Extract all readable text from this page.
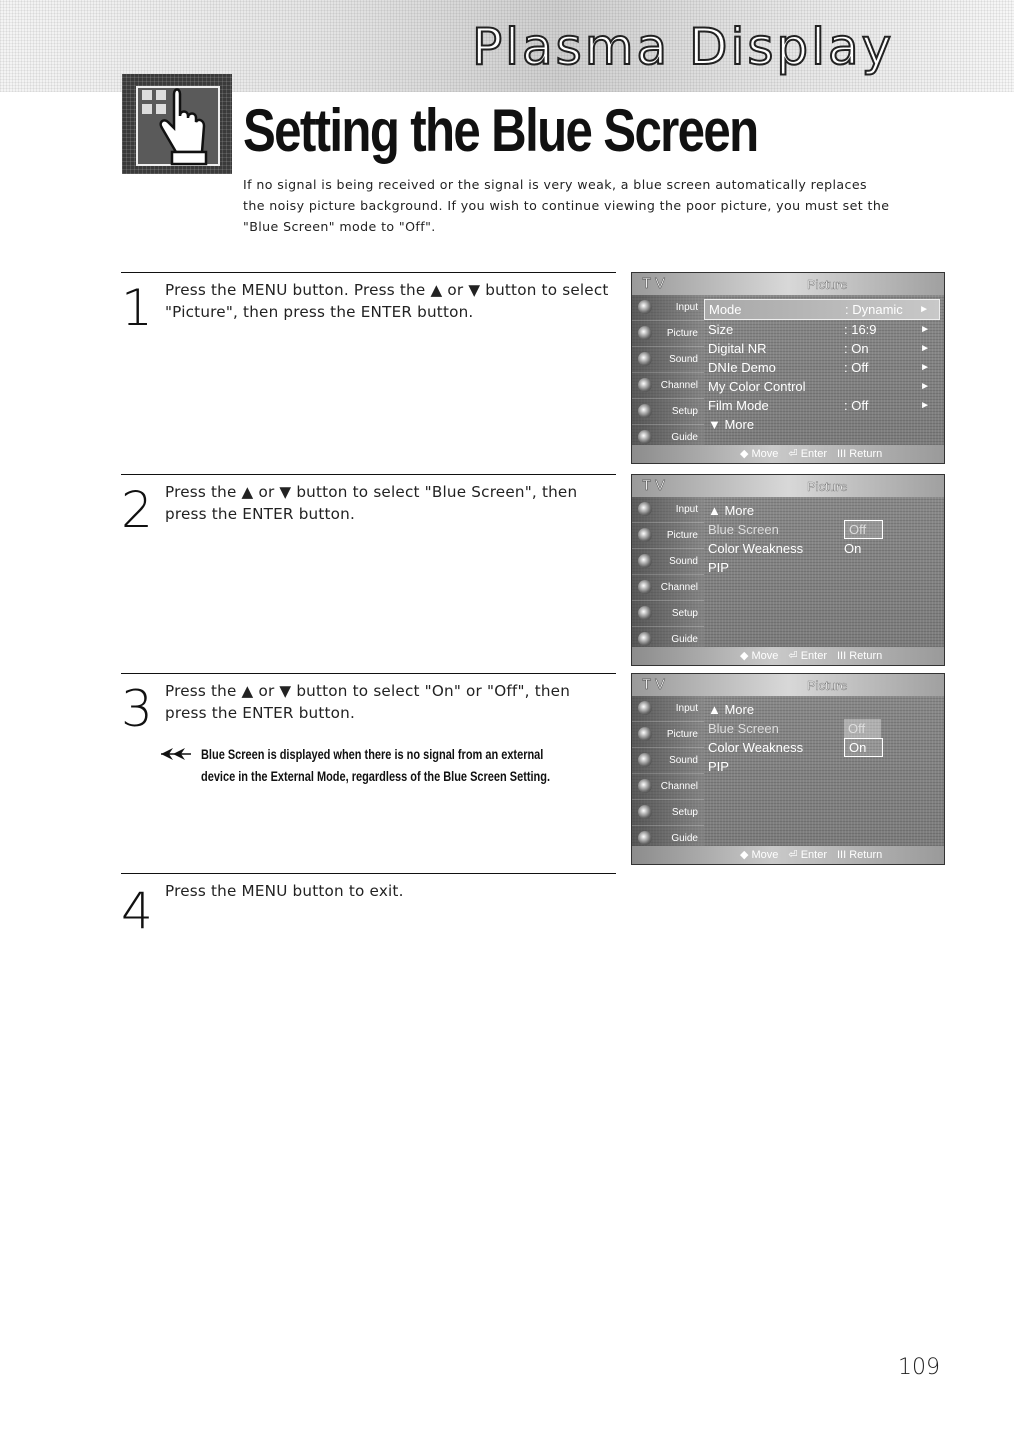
Plasma Display
Setting the Blue Screen

If no signal is being received or the signal is very weak, a blue screen automatically replaces

the noisy picture background. If you wish to continue viewing the poor picture, you must set the

"Blue Screen" mode to "Off".

1 Press the MENU button. Press the ▲ or ▼ button to select

"Picture", then press the ENTER button.

2 Press the ▲ or ▼ button to select "Blue Screen", then

press the ENTER button.

3 Press the ▲ or ▼ button to select "On" or "Off", then

press the ENTER button.

Blue Screen is displayed when there is no signal from an external
device in the External Mode, regardless of the Blue Screen Setting.
4 Press the MENU button to exit.

T V	Picture
Input
Picture
Sound
Channel
Setup
Guide
Mode	: Dynamic ►
Size	: 16:9	►
Digital NR	: On	►
DNIe Demo	: Off	►
My Color Control	►
Film Mode	: Off	►
▼ More
◆ Move ⏎ Enter III Return
T V	Picture
Input
Picture
Sound
Channel
Setup
Guide
▲ More
Blue Screen	Off
Color Weakness	On
PIP
◆ Move ⏎ Enter III Return
T V	Picture
Input
Picture
Sound
Channel
Setup
Guide
▲ More
Blue Screen	Off
Color Weakness	On
PIP
◆ Move ⏎ Enter III Return
109
